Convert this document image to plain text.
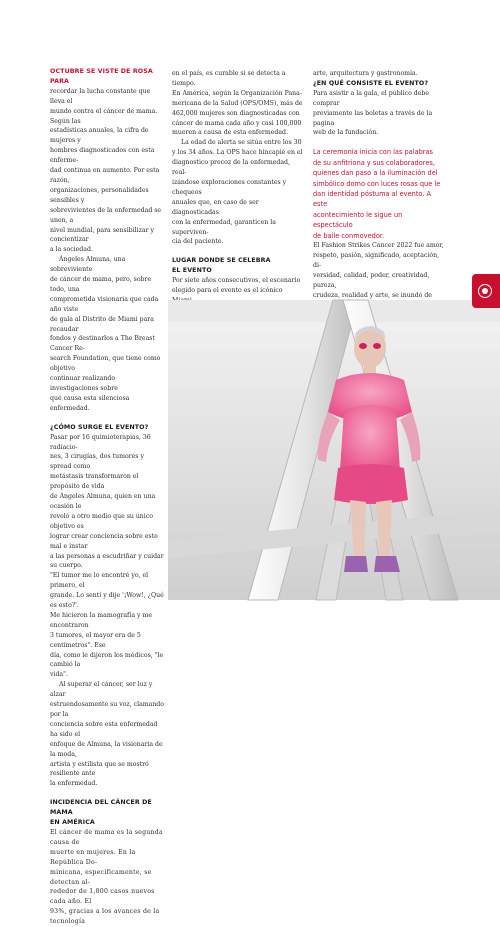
OCTUBRE SE VISTE DE ROSA PARA

recordar la lucha constante que lleva el
mundo contra el cáncer de mama. Según las
estadísticas anuales, la cifra de mujeres y
hombres diagnosticados con esta enferme-
dad continua en aumento. Por esta razón,
organizaciones, personalidades sensibles y
sobrevivientes de la enfermedad se unen, a
nivel mundial, para sensibilizar y concientizar
a la sociedad.
Ángeles Almuna, una sobreviviente
de cáncer de mama, pero, sobre todo, una
comprometida visionaria que cada año viste
de gala al Distrito de Miami para recaudar
fondos y destinarlos a The Breast Cancer Re-
search Foundation, que tiene como objetivo
continuar realizando investigaciones sobre
qué causa esta silenciosa enfermedad.

¿CÓMO SURGE EL EVENTO?

Pasar por 16 quimioterapias, 36 radiacio-
nes, 3 cirugías, dos tumores y spread como
metástasis transformaron el propósito de vida
de Ángeles Almuna, quien en una ocasión le
reveló a otro medio que su único objetivo es
lograr crear conciencia sobre este mal e instar
a las personas a escudriñar y cuidar su cuerpo.
"El tumor me lo encontré yo, el primero, el
grande. Lo sentí y dije '¡Wow!, ¿Qué es esto?'.
Me hicieron la mamografía y me encontraron
3 tumores, el mayor era de 5 centímetros". Ese
día, como le dijeron los médicos, "le cambió la
vida".
Al superar el cáncer, ser luz y alzar
estruendosamente su voz, clamando por la
conciencia sobre esta enfermedad ha sido el
enfoque de Almuna, la visionaria de la moda,
artista y estilista que se mostró resiliente ante
la enfermedad.
INCIDENCIA DEL CÁNCER DE MAMA
EN AMÉRICA
El cáncer de mama es la segunda causa de
muerte en mujeres. En la República Do-
minicana, específicamente, se detectan al-
rededor de 1,800 casos nuevos cada año. El
93%, gracias a los avances de la tecnología
en el país, es curable si se detecta a tiempo.
En América, según la Organización Pana-
mericana de la Salud (OPS/OMS), más de
462,000 mujeres son diagnosticadas con
cáncer de mama cada año y casi 100,000
mueren a causa de esta enfermedad.
La edad de alerta se sitúa entre los 30
y los 34 años. La OPS hace hincapié en el
diagnostico precoz de la enfermedad, real-
izándose exploraciones constantes y chequeos
anuales que, en caso de ser diagnosticadas
con la enfermedad, garanticen la superviven-
cia del paciente.
LUGAR DONDE SE CELEBRA
EL EVENTO
Por siete años consecutivos, el escenario
elegido para el evento es el icónico
arte, arquitectura y gastronomía.

¿EN QUÉ CONSISTE EL EVENTO?

Para asistir a la gala, el público debe comprar
previamente las boletas a través de la pagina
web de la fundación.
La ceremonia inicia con las palabras
de su anfitriona y sus colaboradores,
quienes dan paso a la iluminación del
simbólico domo con luces rosas que le
dan identidad póstuma al evento. A este
acontecimiento le sigue un espectáculo
de baile conmovedor.
El Fashion Strikes Cancer 2022 fue amor,
respeto, pasión, significado, aceptación, di-
versidad, calidad, poder, creatividad, pureza,
crudeza, realidad y arte, se inundó de
